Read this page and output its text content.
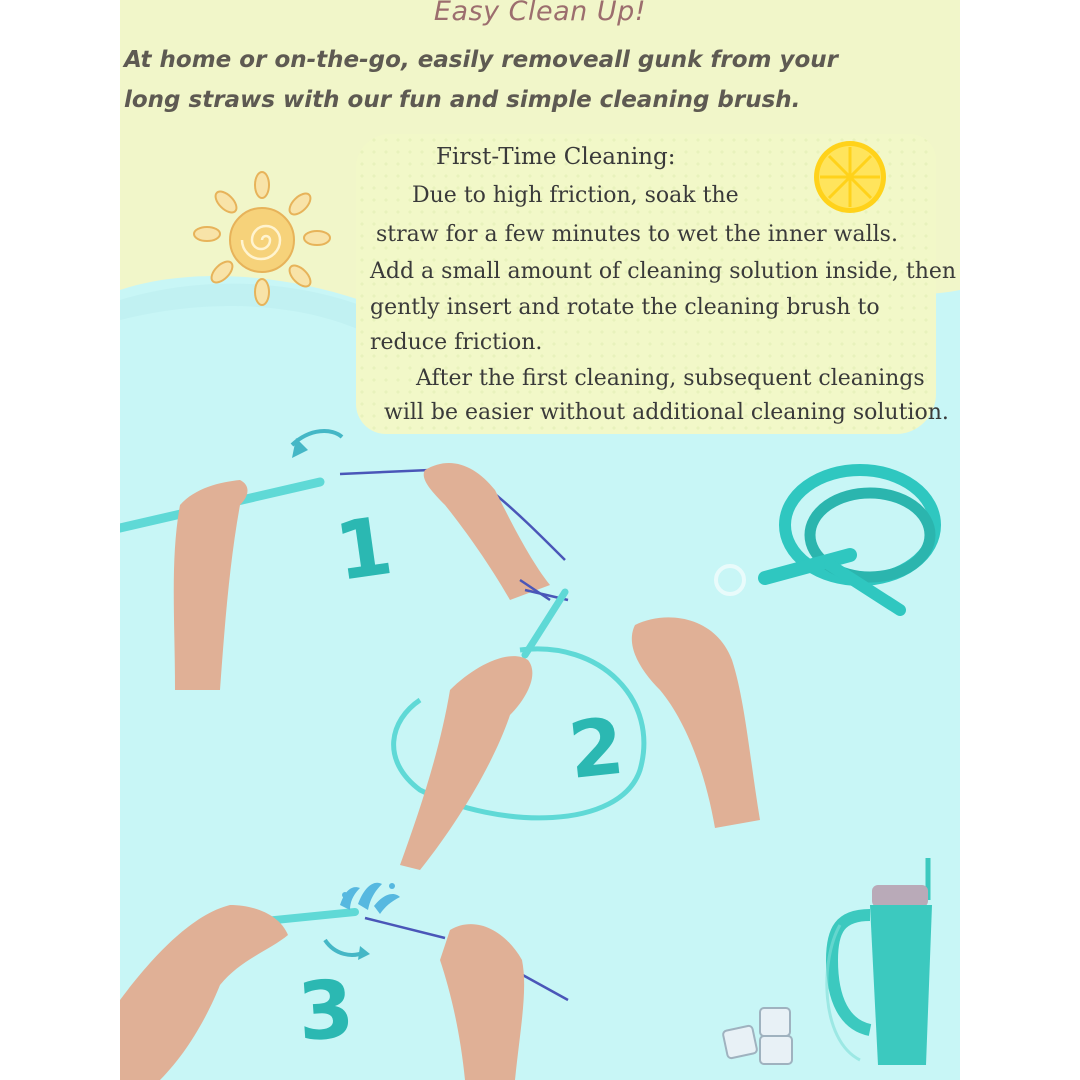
Easy Clean Up!

At home or on-the-go, easily removeall gunk from your
long straws with our fun and simple cleaning brush.

First-Time Cleaning:

Due to high friction, soak the

straw for a few minutes to wet the inner walls.

Add a small amount of cleaning solution inside, then

gently insert and rotate the cleaning brush to

reduce friction.

After the first cleaning, subsequent cleanings

will be easier without additional cleaning solution.

1
2
3
